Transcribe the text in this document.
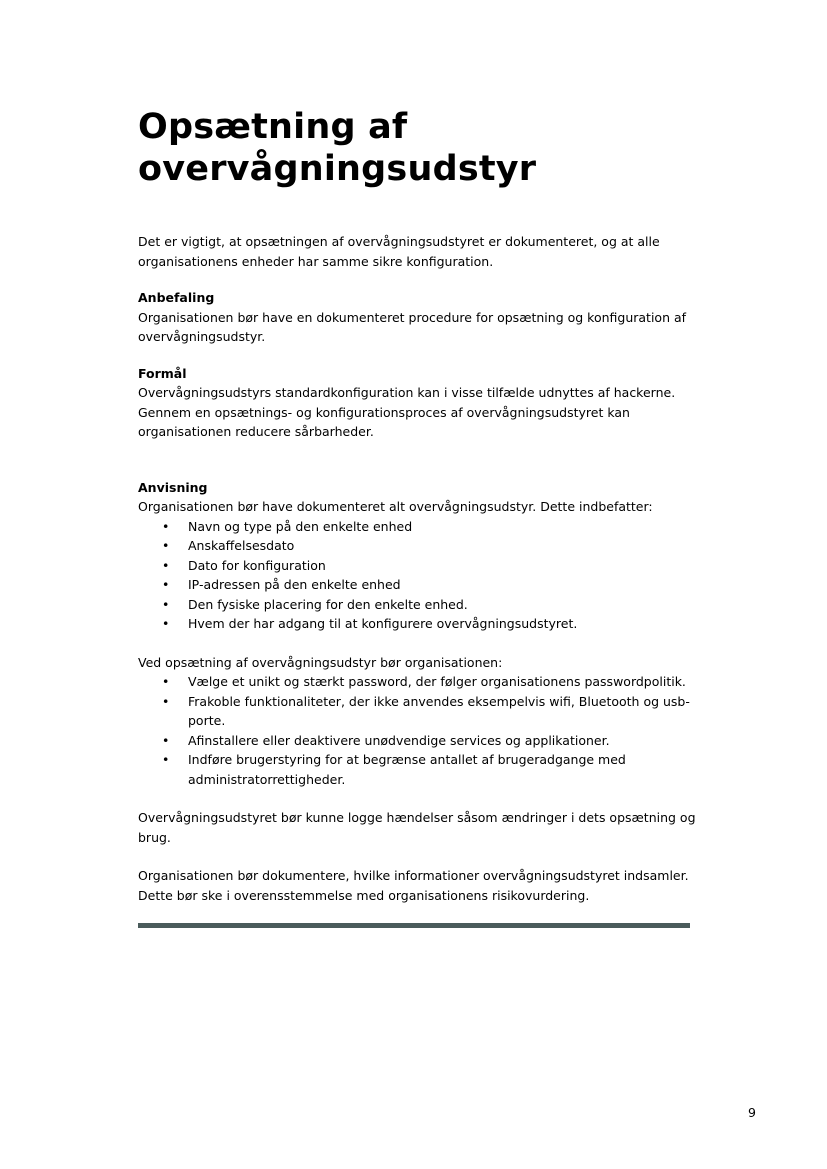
Opsætning af
overvågningsudstyr

Det er vigtigt, at opsætningen af overvågningsudstyret er dokumenteret, og at alle organisationens enheder har samme sikre konfiguration.

Anbefaling

Organisationen bør have en dokumenteret procedure for opsætning og konfiguration af overvågningsudstyr.

Formål

Overvågningsudstyrs standardkonfiguration kan i visse tilfælde udnyttes af hackerne. Gennem en opsætnings- og konfigurationsproces af overvågningsudstyret kan organisationen reducere sårbarheder.

Anvisning

Organisationen bør have dokumenteret alt overvågningsudstyr. Dette indbefatter:

• Navn og type på den enkelte enhed
• Anskaffelsesdato
• Dato for konfiguration
• IP-adressen på den enkelte enhed
• Den fysiske placering for den enkelte enhed.
• Hvem der har adgang til at konfigurere overvågningsudstyret.

Ved opsætning af overvågningsudstyr bør organisationen:

• Vælge et unikt og stærkt password, der følger organisationens passwordpolitik.
• Frakoble funktionaliteter, der ikke anvendes eksempelvis wifi, Bluetooth og usb-porte.
• Afinstallere eller deaktivere unødvendige services og applikationer.
• Indføre brugerstyring for at begrænse antallet af brugeradgange med administratorrettigheder.

Overvågningsudstyret bør kunne logge hændelser såsom ændringer i dets opsætning og brug.

Organisationen bør dokumentere, hvilke informationer overvågningsudstyret indsamler. Dette bør ske i overensstemmelse med organisationens risikovurdering.

9
